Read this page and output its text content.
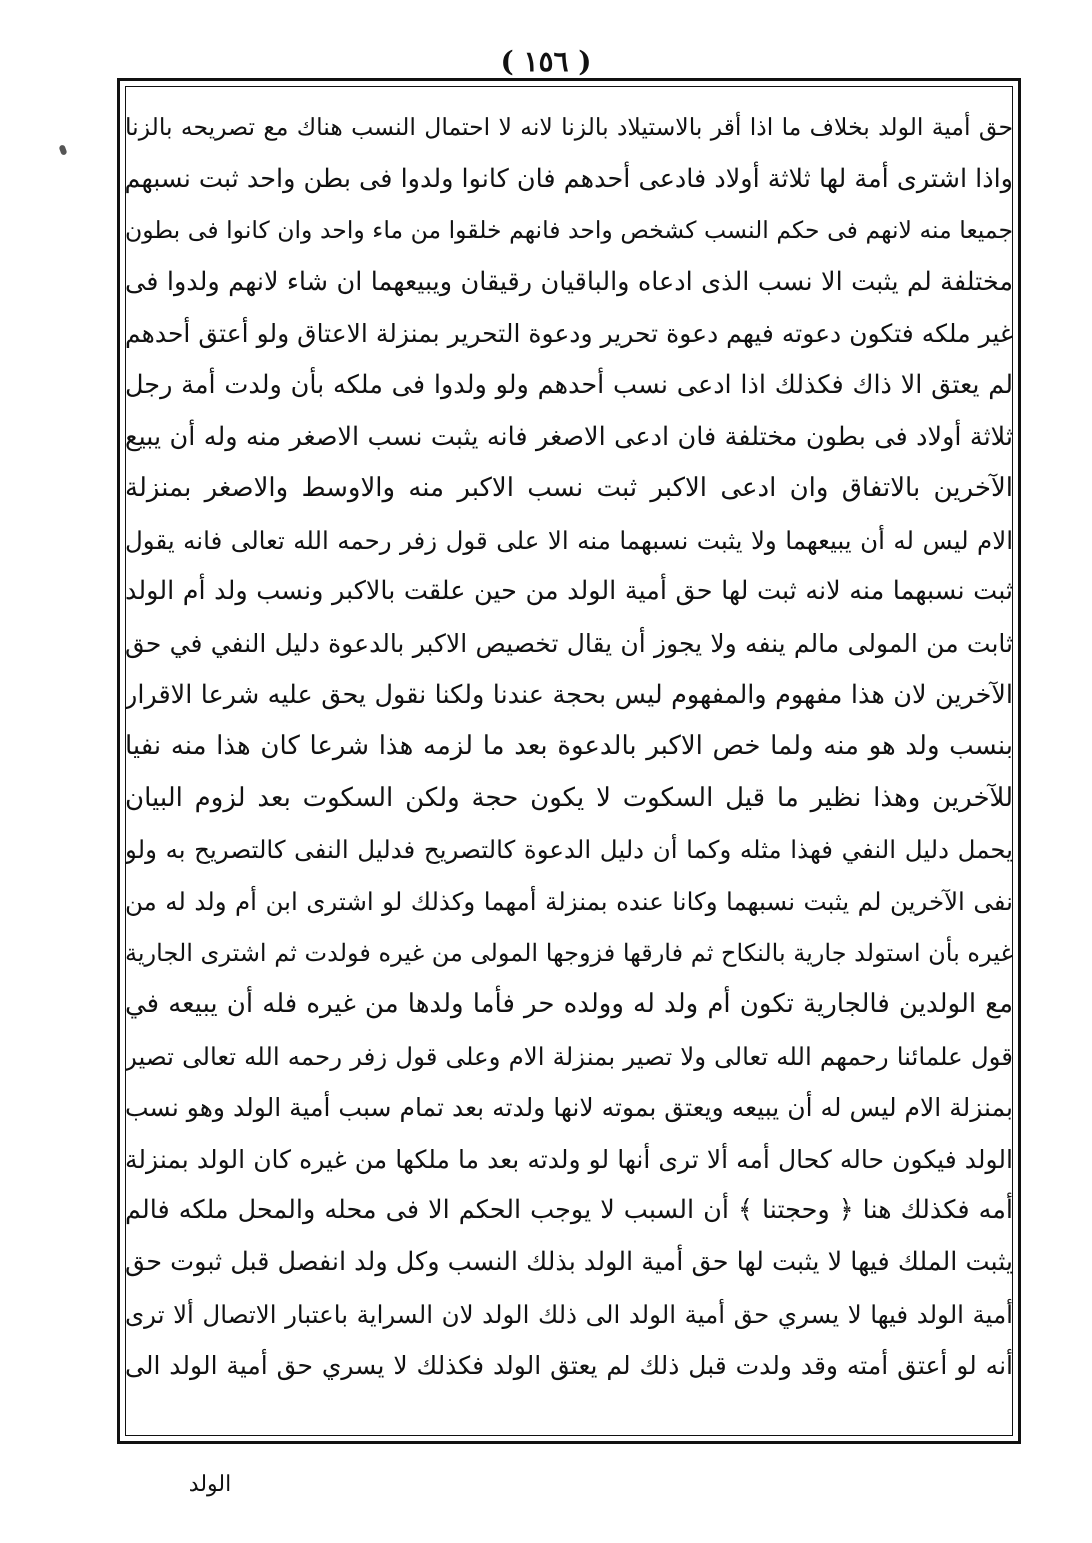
( ١٥٦ )
حق أمية الولد بخلاف ما اذا أقر بالاستيلاد بالزنا لانه لا احتمال النسب هناك مع تصريحه بالزنا
واذا اشترى أمة لها ثلاثة أولاد فادعى أحدهم فان كانوا ولدوا فى بطن واحد ثبت نسبهم
جميعا منه لانهم فى حكم النسب كشخص واحد فانهم خلقوا من ماء واحد وان كانوا فى بطون
مختلفة لم يثبت الا نسب الذى ادعاه والباقيان رقيقان ويبيعهما ان شاء لانهم ولدوا فى
غير ملكه فتكون دعوته فيهم دعوة تحرير ودعوة التحرير بمنزلة الاعتاق ولو أعتق أحدهم
لم يعتق الا ذاك فكذلك اذا ادعى نسب أحدهم ولو ولدوا فى ملكه بأن ولدت أمة رجل
ثلاثة أولاد فى بطون مختلفة فان ادعى الاصغر فانه يثبت نسب الاصغر منه وله أن يبيع
الآخرين بالاتفاق وان ادعى الاكبر ثبت نسب الاكبر منه والاوسط والاصغر بمنزلة
الام ليس له أن يبيعهما ولا يثبت نسبهما منه الا على قول زفر رحمه الله تعالى فانه يقول
ثبت نسبهما منه لانه ثبت لها حق أمية الولد من حين علقت بالاكبر ونسب ولد أم الولد
ثابت من المولى مالم ينفه ولا يجوز أن يقال تخصيص الاكبر بالدعوة دليل النفي في حق
الآخرين لان هذا مفهوم والمفهوم ليس بحجة عندنا ولكنا نقول يحق عليه شرعا الاقرار
بنسب ولد هو منه ولما خص الاكبر بالدعوة بعد ما لزمه هذا شرعا كان هذا منه نفيا
للآخرين وهذا نظير ما قيل السكوت لا يكون حجة ولكن السكوت بعد لزوم البيان
يحمل دليل النفي فهذا مثله وكما أن دليل الدعوة كالتصريح فدليل النفى كالتصريح به ولو
نفى الآخرين لم يثبت نسبهما وكانا عنده بمنزلة أمهما وكذلك لو اشترى ابن أم ولد له من
غيره بأن استولد جارية بالنكاح ثم فارقها فزوجها المولى من غيره فولدت ثم اشترى الجارية
مع الولدين فالجارية تكون أم ولد له وولده حر فأما ولدها من غيره فله أن يبيعه في
قول علمائنا رحمهم الله تعالى ولا تصير بمنزلة الام وعلى قول زفر رحمه الله تعالى تصير
بمنزلة الام ليس له أن يبيعه ويعتق بموته لانها ولدته بعد تمام سبب أمية الولد وهو نسب
الولد فيكون حاله كحال أمه ألا ترى أنها لو ولدته بعد ما ملكها من غيره كان الولد بمنزلة
أمه فكذلك هنا ﴿ وحجتنا ﴾ أن السبب لا يوجب الحكم الا فى محله والمحل ملكه فالم
يثبت الملك فيها لا يثبت لها حق أمية الولد بذلك النسب وكل ولد انفصل قبل ثبوت حق
أمية الولد فيها لا يسري حق أمية الولد الى ذلك الولد لان السراية باعتبار الاتصال ألا ترى
أنه لو أعتق أمته وقد ولدت قبل ذلك لم يعتق الولد فكذلك لا يسري حق أمية الولد الى
الولد
